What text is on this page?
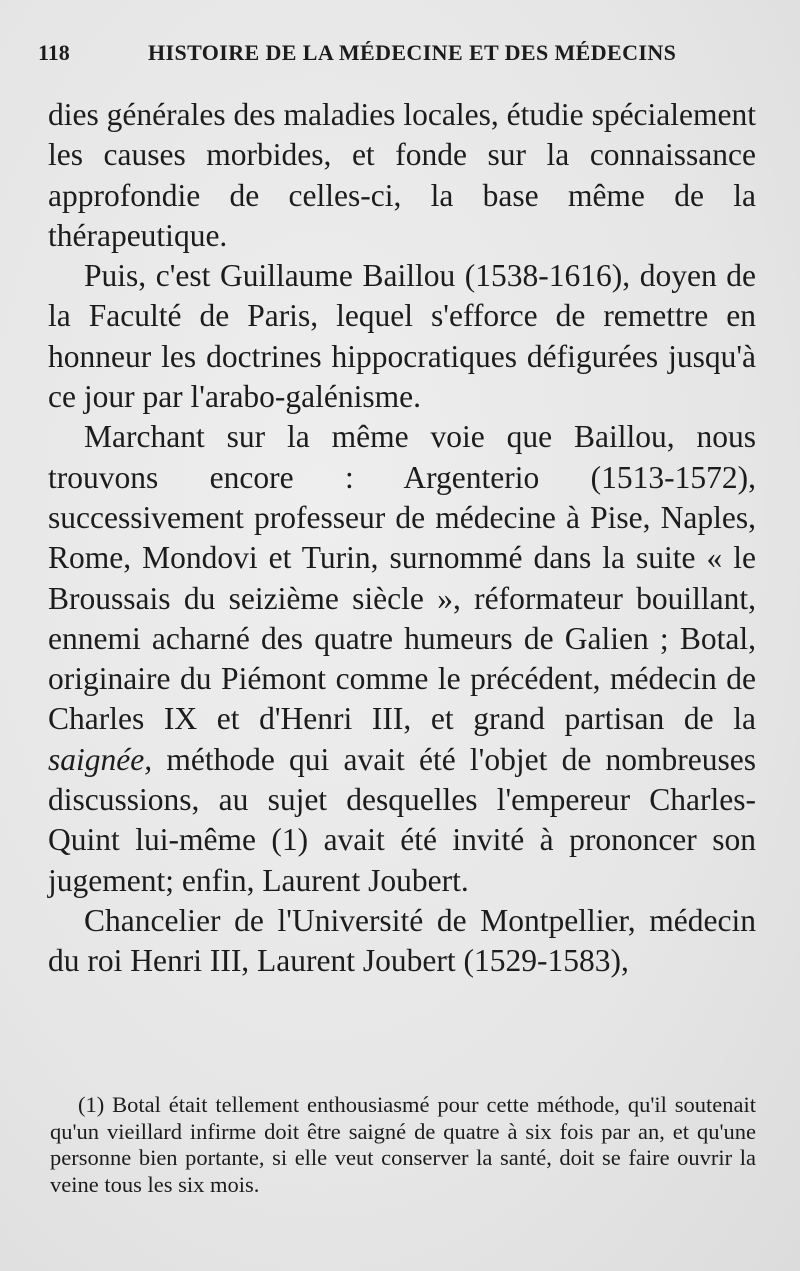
118	HISTOIRE DE LA MÉDECINE ET DES MÉDECINS

dies générales des maladies locales, étudie spécialement les causes morbides, et fonde sur la connaissance approfondie de celles-ci, la base même de la thérapeutique.

Puis, c'est Guillaume Baillou (1538-1616), doyen de la Faculté de Paris, lequel s'efforce de remettre en honneur les doctrines hippocratiques défigurées jusqu'à ce jour par l'arabo-galénisme.

Marchant sur la même voie que Baillou, nous trouvons encore : Argenterio (1513-1572), successivement professeur de médecine à Pise, Naples, Rome, Mondovi et Turin, surnommé dans la suite « le Broussais du seizième siècle », réformateur bouillant, ennemi acharné des quatre humeurs de Galien ; Botal, originaire du Piémont comme le précédent, médecin de Charles IX et d'Henri III, et grand partisan de la saignée, méthode qui avait été l'objet de nombreuses discussions, au sujet desquelles l'empereur Charles-Quint lui-même (1) avait été invité à prononcer son jugement; enfin, Laurent Joubert.

Chancelier de l'Université de Montpellier, médecin du roi Henri III, Laurent Joubert (1529-1583),

(1) Botal était tellement enthousiasmé pour cette méthode, qu'il soutenait qu'un vieillard infirme doit être saigné de quatre à six fois par an, et qu'une personne bien portante, si elle veut conserver la santé, doit se faire ouvrir la veine tous les six mois.
